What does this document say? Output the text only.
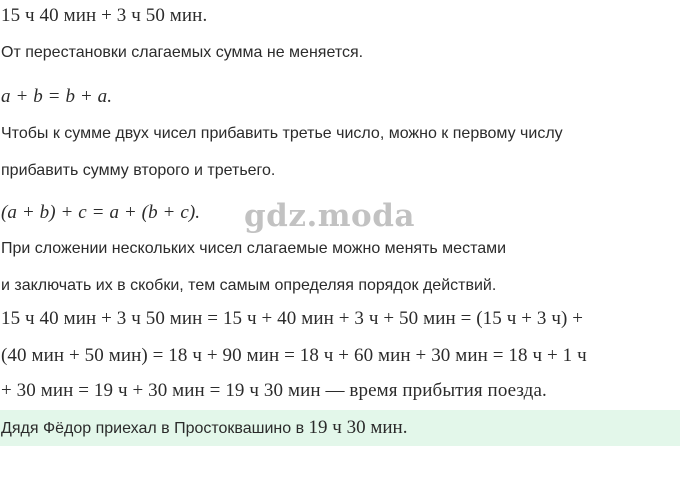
15 ч 40 мин + 3 ч 50 мин.
От перестановки слагаемых сумма не меняется.
a + b = b + a.
Чтобы к сумме двух чисел прибавить третье число, можно к первому числу
прибавить сумму второго и третьего.
(a + b) + c = a + (b + c).
При сложении нескольких чисел слагаемые можно менять местами
и заключать их в скобки, тем самым определяя порядок действий.
15 ч 40 мин + 3 ч 50 мин = 15 ч + 40 мин + 3 ч + 50 мин = (15 ч + 3 ч) +
(40 мин + 50 мин) = 18 ч + 90 мин = 18 ч + 60 мин + 30 мин = 18 ч + 1 ч
+ 30 мин = 19 ч + 30 мин = 19 ч 30 мин — время прибытия поезда.
gdz.moda
Дядя Фёдор приехал в Простоквашино в 19 ч 30 мин.
